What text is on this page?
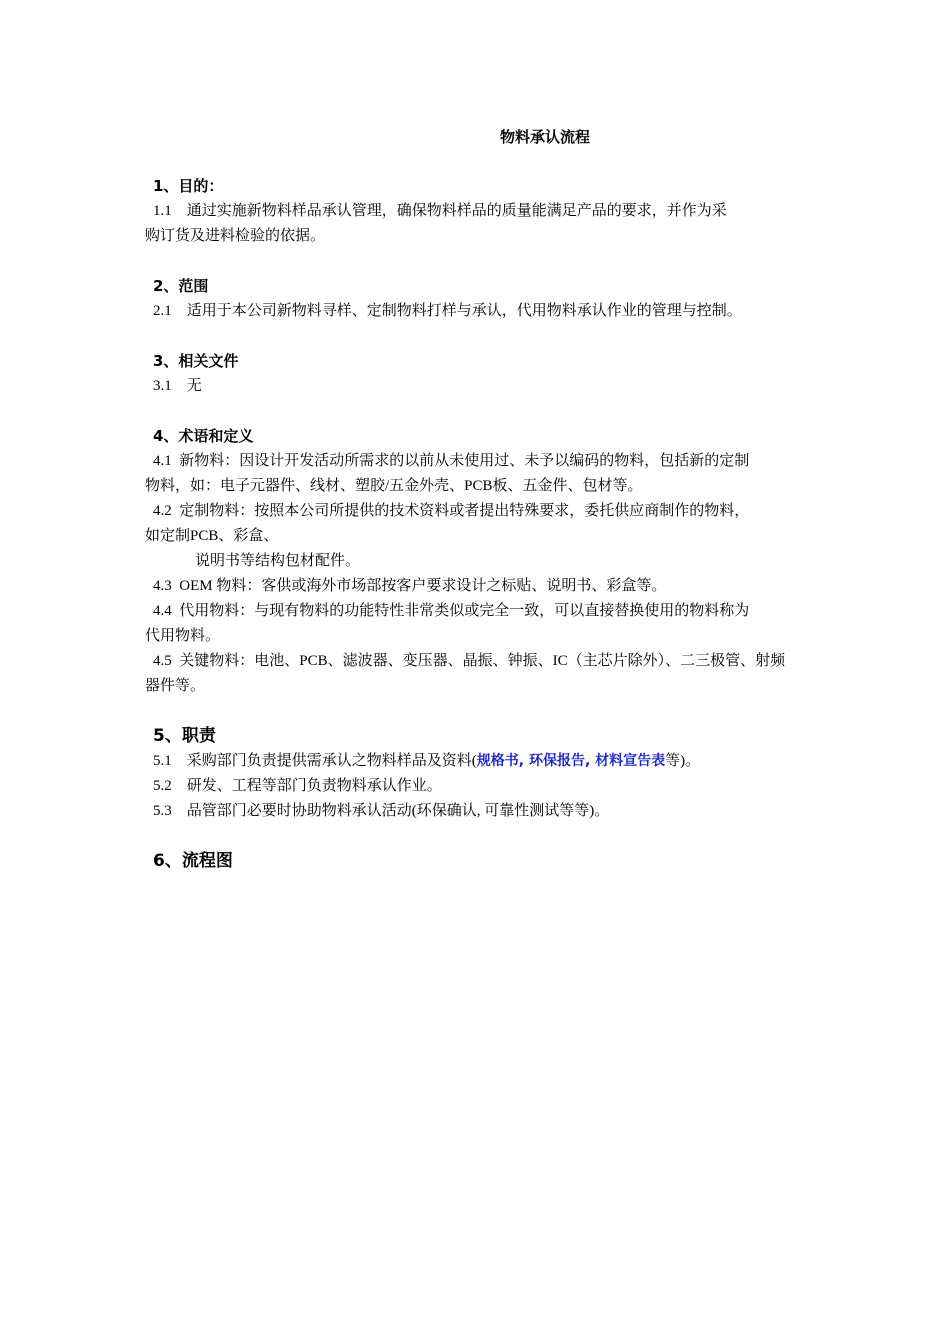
物料承认流程
1、目的：
1.1 通过实施新物料样品承认管理，确保物料样品的质量能满足产品的要求，并作为采
购订货及进料检验的依据。
2、范围
2.1 适用于本公司新物料寻样、定制物料打样与承认，代用物料承认作业的管理与控制。
3、相关文件
3.1 无
4、术语和定义
4.1 新物料：因设计开发活动所需求的以前从未使用过、未予以编码的物料，包括新的定制
物料，如：电子元器件、线材、塑胶/五金外壳、PCB板、五金件、包材等。
4.2 定制物料：按照本公司所提供的技术资料或者提出特殊要求，委托供应商制作的物料，
如定制PCB、彩盒、
说明书等结构包材配件。
4.3 OEM 物料：客供或海外市场部按客户要求设计之标贴、说明书、彩盒等。
4.4 代用物料：与现有物料的功能特性非常类似或完全一致，可以直接替换使用的物料称为
代用物料。
4.5 关键物料：电池、PCB、滤波器、变压器、晶振、钟振、IC（主芯片除外）、二三极管、射频
器件等。
5、职责
5.1 采购部门负责提供需承认之物料样品及资料(规格书, 环保报告, 材料宣告表等)。
5.2 研发、工程等部门负责物料承认作业。
5.3 品管部门必要时协助物料承认活动(环保确认, 可靠性测试等等)。
6、流程图
